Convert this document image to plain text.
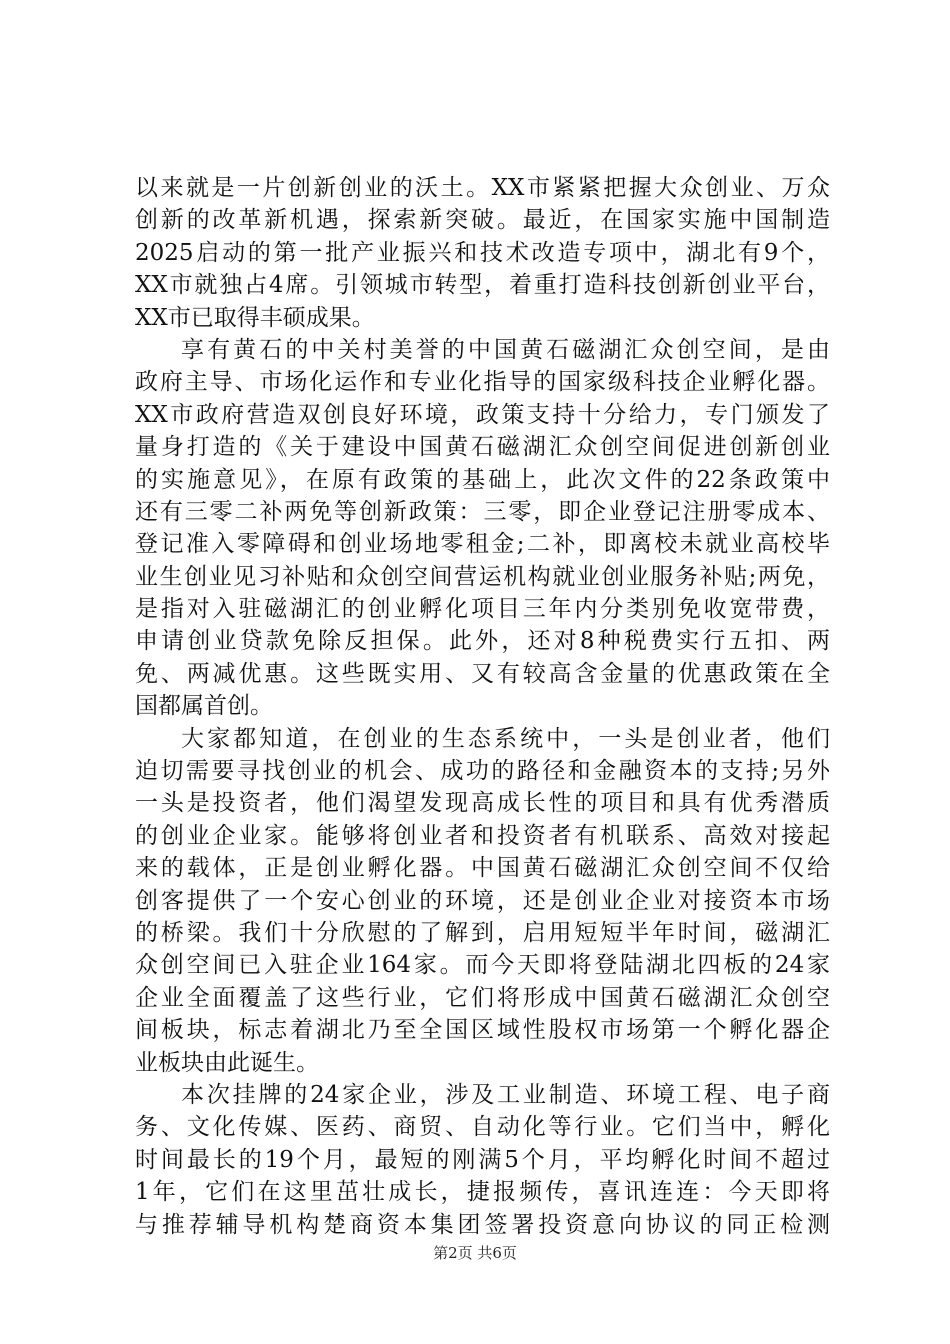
以来就是一片创新创业的沃土。XX市紧紧把握大众创业、万众
创新的改革新机遇，探索新突破。最近，在国家实施中国制造
2025启动的第一批产业振兴和技术改造专项中，湖北有9个，
XX市就独占4席。引领城市转型，着重打造科技创新创业平台，
XX市已取得丰硕成果。
享有黄石的中关村美誉的中国黄石磁湖汇众创空间，是由
政府主导、市场化运作和专业化指导的国家级科技企业孵化器。
XX市政府营造双创良好环境，政策支持十分给力，专门颁发了
量身打造的《关于建设中国黄石磁湖汇众创空间促进创新创业
的实施意见》，在原有政策的基础上，此次文件的22条政策中
还有三零二补两免等创新政策：三零，即企业登记注册零成本、
登记准入零障碍和创业场地零租金;二补，即离校未就业高校毕
业生创业见习补贴和众创空间营运机构就业创业服务补贴;两免，
是指对入驻磁湖汇的创业孵化项目三年内分类别免收宽带费，
申请创业贷款免除反担保。此外，还对8种税费实行五扣、两
免、两减优惠。这些既实用、又有较高含金量的优惠政策在全
国都属首创。
大家都知道，在创业的生态系统中，一头是创业者，他们
迫切需要寻找创业的机会、成功的路径和金融资本的支持;另外
一头是投资者，他们渴望发现高成长性的项目和具有优秀潜质
的创业企业家。能够将创业者和投资者有机联系、高效对接起
来的载体，正是创业孵化器。中国黄石磁湖汇众创空间不仅给
创客提供了一个安心创业的环境，还是创业企业对接资本市场
的桥梁。我们十分欣慰的了解到，启用短短半年时间，磁湖汇
众创空间已入驻企业164家。而今天即将登陆湖北四板的24家
企业全面覆盖了这些行业，它们将形成中国黄石磁湖汇众创空
间板块，标志着湖北乃至全国区域性股权市场第一个孵化器企
业板块由此诞生。
本次挂牌的24家企业，涉及工业制造、环境工程、电子商
务、文化传媒、医药、商贸、自动化等行业。它们当中，孵化
时间最长的19个月，最短的刚满5个月，平均孵化时间不超过
1年，它们在这里茁壮成长，捷报频传，喜讯连连：今天即将
与推荐辅导机构楚商资本集团签署投资意向协议的同正检测
第2页 共6页
